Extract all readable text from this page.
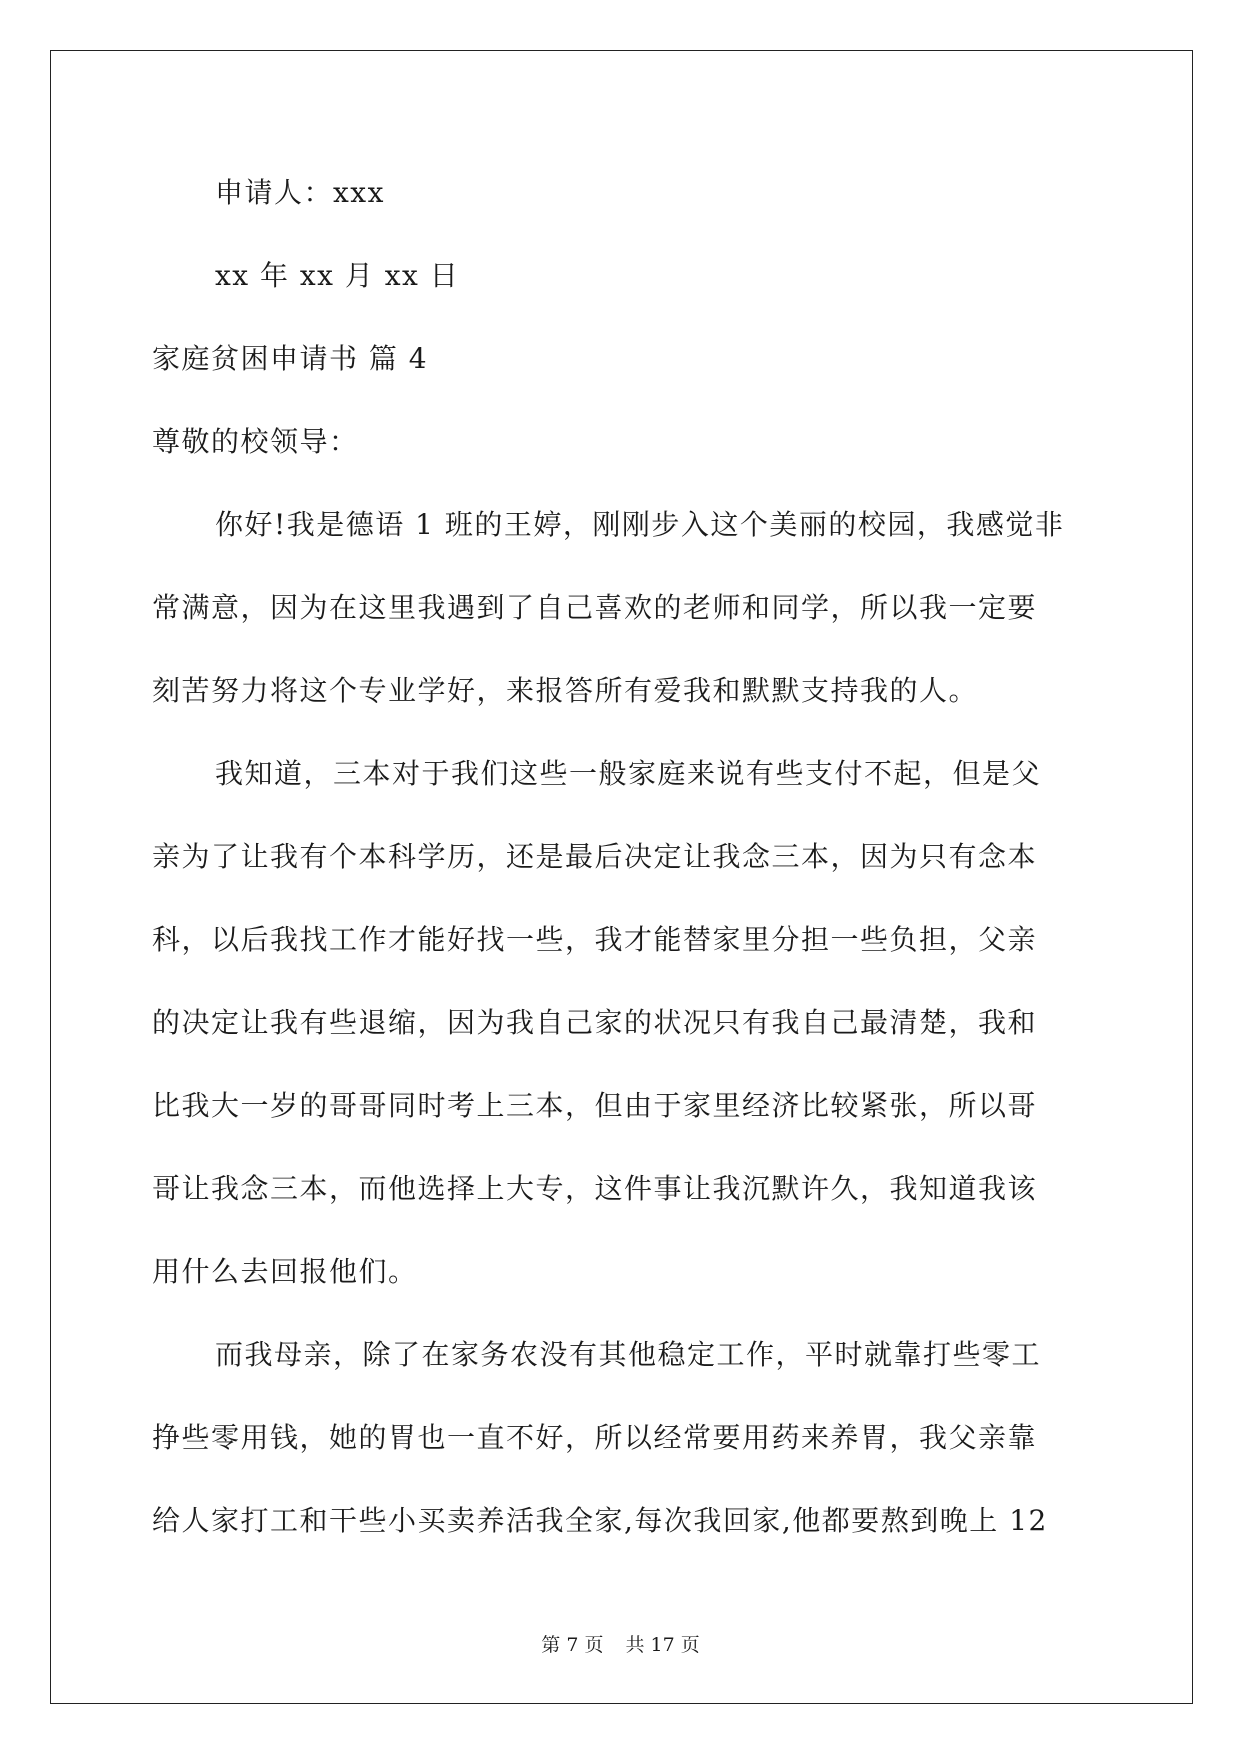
申请人：xxx
xx 年 xx 月 xx 日
家庭贫困申请书 篇 4
尊敬的校领导：
你好!我是德语 1 班的王婷，刚刚步入这个美丽的校园，我感觉非
常满意，因为在这里我遇到了自己喜欢的老师和同学，所以我一定要
刻苦努力将这个专业学好，来报答所有爱我和默默支持我的人。
我知道，三本对于我们这些一般家庭来说有些支付不起，但是父
亲为了让我有个本科学历，还是最后决定让我念三本，因为只有念本
科，以后我找工作才能好找一些，我才能替家里分担一些负担，父亲
的决定让我有些退缩，因为我自己家的状况只有我自己最清楚，我和
比我大一岁的哥哥同时考上三本，但由于家里经济比较紧张，所以哥
哥让我念三本，而他选择上大专，这件事让我沉默许久，我知道我该
用什么去回报他们。
而我母亲，除了在家务农没有其他稳定工作，平时就靠打些零工
挣些零用钱，她的胃也一直不好，所以经常要用药来养胃，我父亲靠
给人家打工和干些小买卖养活我全家,每次我回家,他都要熬到晚上 12
第 7 页 共 17 页
